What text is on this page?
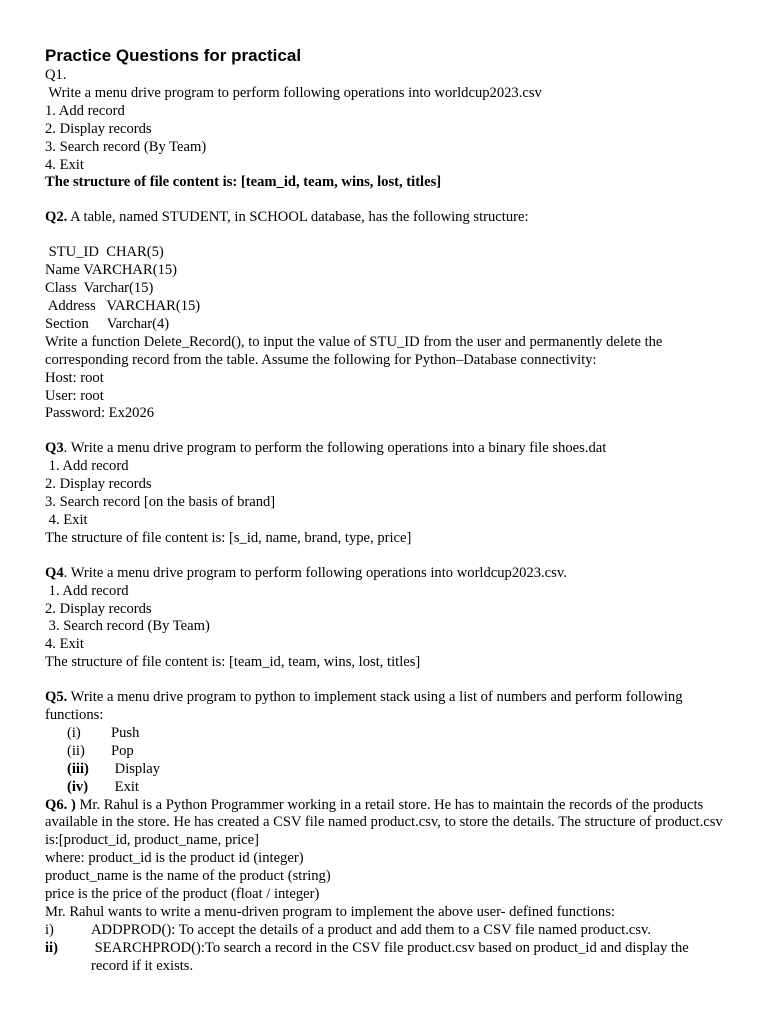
Practice Questions for practical
Q1.
Write a menu drive program to perform following operations into worldcup2023.csv
1. Add record
2. Display records
3. Search record (By Team)
4. Exit
The structure of file content is: [team_id, team, wins, lost, titles]
Q2. A table, named STUDENT, in SCHOOL database, has the following structure:
STU_ID  CHAR(5)
Name VARCHAR(15)
Class  Varchar(15)
Address   VARCHAR(15)
Section     Varchar(4)
Write a function Delete_Record(), to input the value of STU_ID from the user and permanently delete the corresponding record from the table. Assume the following for Python–Database connectivity:
Host: root
User: root
Password: Ex2026
Q3. Write a menu drive program to perform the following operations into a binary file shoes.dat
1. Add record
2. Display records
3. Search record [on the basis of brand]
4. Exit
The structure of file content is: [s_id, name, brand, type, price]
Q4. Write a menu drive program to perform following operations into worldcup2023.csv.
1. Add record
2. Display records
3. Search record (By Team)
4. Exit
The structure of file content is: [team_id, team, wins, lost, titles]
Q5. Write a menu drive program to python to implement stack using a list of numbers and perform following functions:
(i) Push
(ii) Pop
(iii) Display
(iv) Exit
Q6. ) Mr. Rahul is a Python Programmer working in a retail store. He has to maintain the records of the products available in the store. He has created a CSV file named product.csv, to store the details. The structure of product.csv is:[product_id, product_name, price]
where: product_id is the product id (integer)
product_name is the name of the product (string)
price is the price of the product (float / integer)
Mr. Rahul wants to write a menu-driven program to implement the above user- defined functions:
i)	ADDPROD(): To accept the details of a product and add them to a CSV file named product.csv.
ii)	SEARCHPROD():To search a record in the CSV file product.csv based on product_id and display the record if it exists.
